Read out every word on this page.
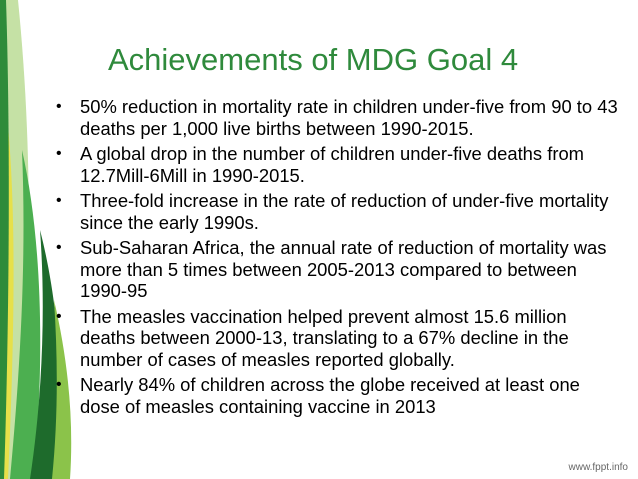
Achievements of MDG Goal 4
• 50% reduction in mortality rate in children under-five from 90 to 43 deaths per 1,000 live births between 1990-2015.
• A global drop in the number of children under-five deaths from 12.7Mill-6Mill in 1990-2015.
• Three-fold increase in the rate of reduction of under-five mortality since the early 1990s.
• Sub-Saharan Africa, the annual rate of reduction of mortality was more than 5 times between 2005-2013 compared to between 1990-95
• The measles vaccination helped prevent almost 15.6 million deaths between 2000-13, translating to a 67% decline in the number of cases of measles reported globally.
• Nearly 84% of children across the globe received at least one dose of measles containing vaccine in 2013
www.fppt.info
